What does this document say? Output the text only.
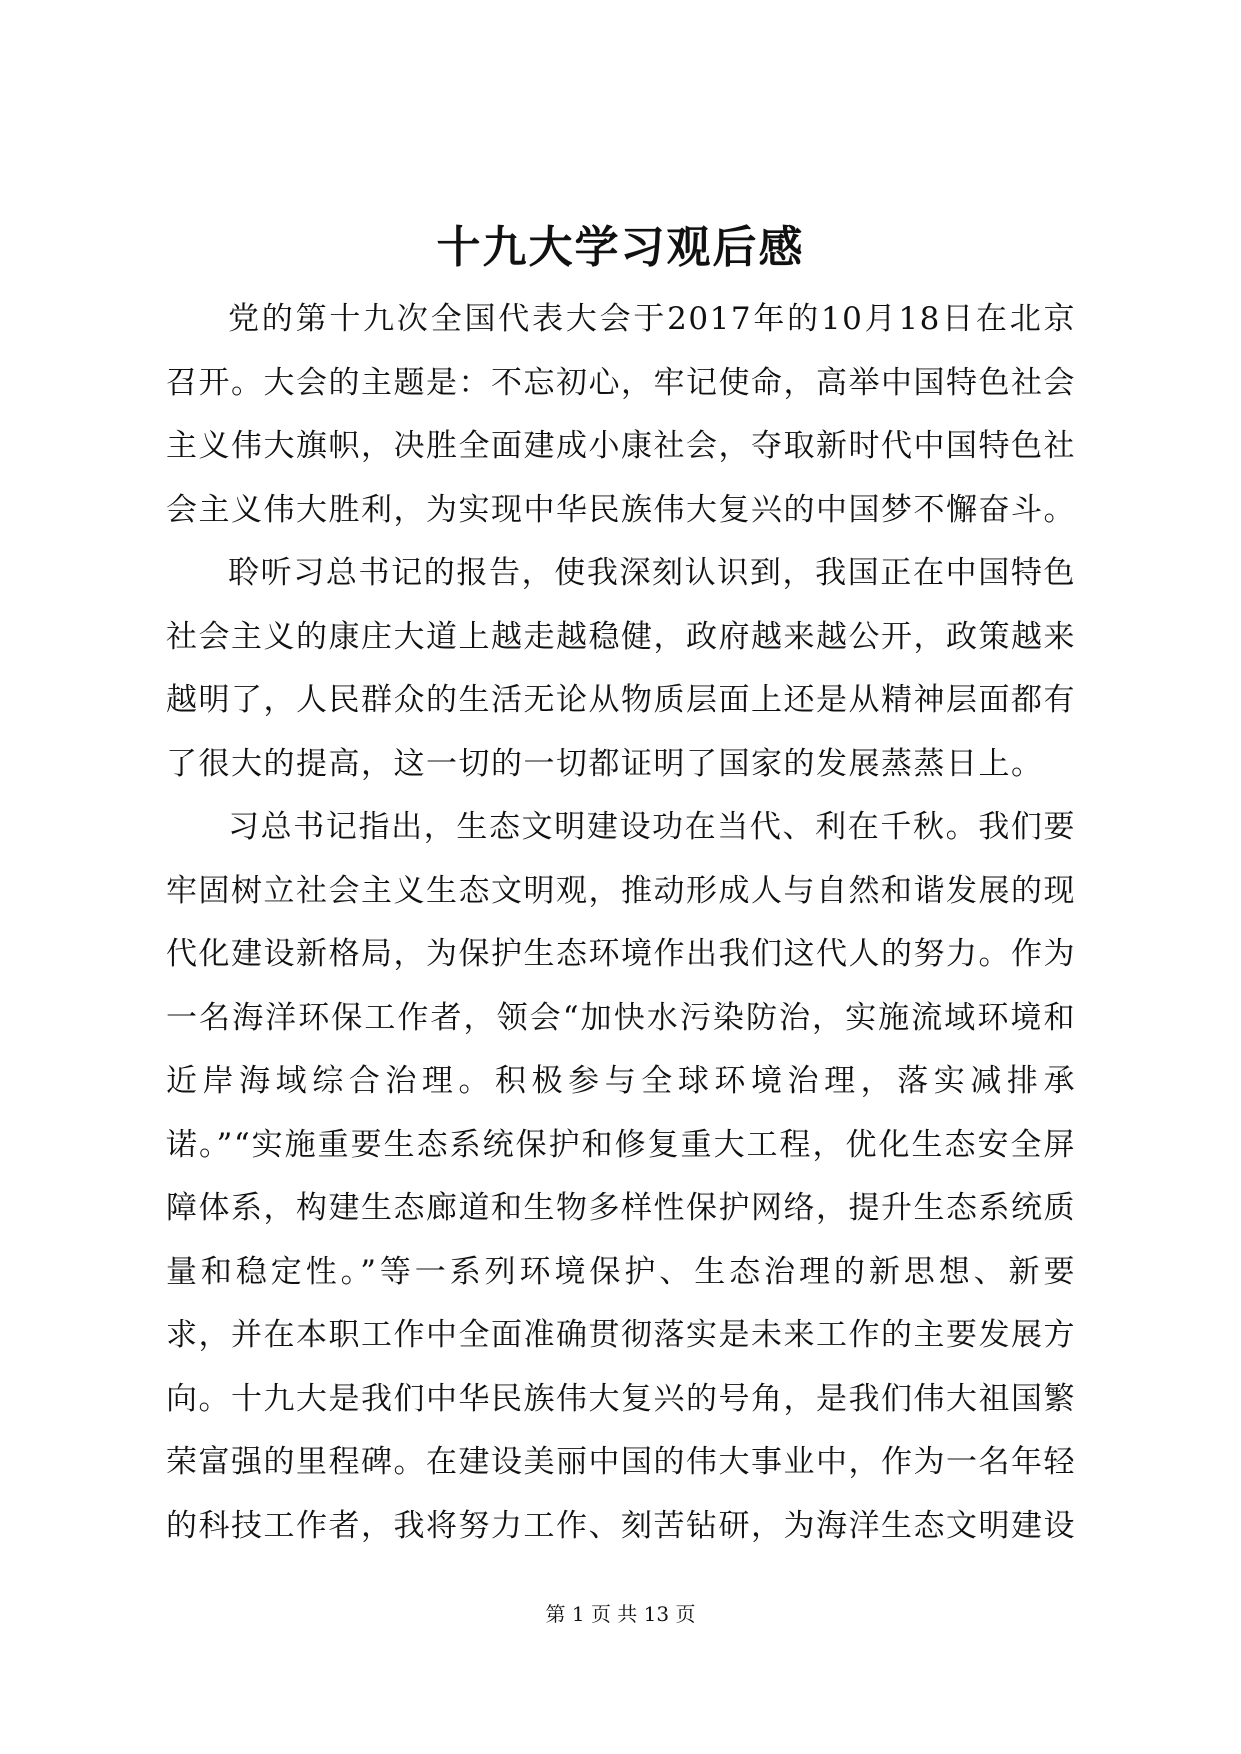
十九大学习观后感

党的第十九次全国代表大会于2017年的10月18日在北京召开。大会的主题是：不忘初心，牢记使命，高举中国特色社会主义伟大旗帜，决胜全面建成小康社会，夺取新时代中国特色社会主义伟大胜利，为实现中华民族伟大复兴的中国梦不懈奋斗。

聆听习总书记的报告，使我深刻认识到，我国正在中国特色社会主义的康庄大道上越走越稳健，政府越来越公开，政策越来越明了，人民群众的生活无论从物质层面上还是从精神层面都有了很大的提高，这一切的一切都证明了国家的发展蒸蒸日上。

习总书记指出，生态文明建设功在当代、利在千秋。我们要牢固树立社会主义生态文明观，推动形成人与自然和谐发展的现代化建设新格局，为保护生态环境作出我们这代人的努力。作为一名海洋环保工作者，领会“加快水污染防治，实施流域环境和近岸海域综合治理。积极参与全球环境治理，落实减排承诺。”“实施重要生态系统保护和修复重大工程，优化生态安全屏障体系，构建生态廊道和生物多样性保护网络，提升生态系统质量和稳定性。”等一系列环境保护、生态治理的新思想、新要求，并在本职工作中全面准确贯彻落实是未来工作的主要发展方向。十九大是我们中华民族伟大复兴的号角，是我们伟大祖国繁荣富强的里程碑。在建设美丽中国的伟大事业中，作为一名年轻的科技工作者，我将努力工作、刻苦钻研，为海洋生态文明建设

第 1 页 共 13 页
